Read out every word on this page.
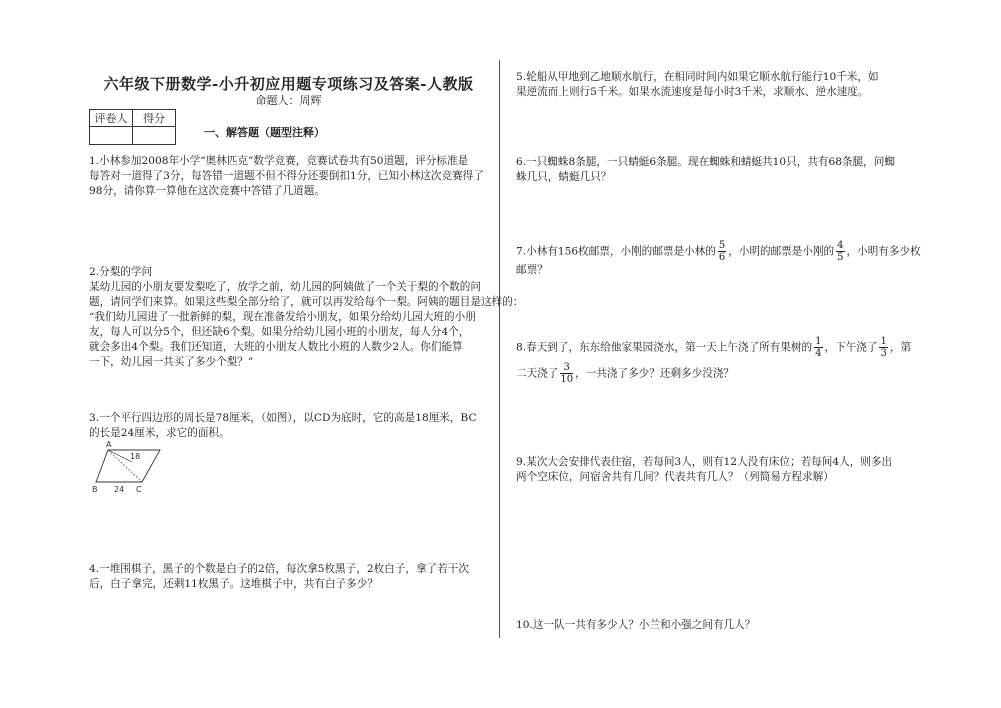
六年级下册数学-小升初应用题专项练习及答案-人教版
命题人：周辉
评卷人	得分

一、解答题（题型注释）
1.小林参加2008年小学“奥林匹克”数学竞赛，竞赛试卷共有50道题，评分标准是
每答对一道得了3分，每答错一道题不但不得分还要倒扣1分，已知小林这次竞赛得了
98分，请你算一算他在这次竞赛中答错了几道题。
2.分梨的学问
某幼儿园的小朋友要发梨吃了，放学之前，幼儿园的阿姨做了一个关于梨的个数的问
题，请同学们来算。如果这些梨全部分给了，就可以再发给每个一梨。阿姨的题目是这样的：
“我们幼儿园进了一批新鲜的梨，现在准备发给小朋友，如果分给幼儿园大班的小朋
友，每人可以分5个，但还缺6个梨。如果分给幼儿园小班的小朋友，每人分4个，
就会多出4个梨。我们还知道，大班的小朋友人数比小班的人数少2人。你们能算
一下，幼儿园一共买了多少个梨？”
3.一个平行四边形的周长是78厘米，（如图），以CD为底时，它的高是18厘米，BC
的长是24厘米，求它的面积。
A
B	C
24
18
4.一堆围棋子，黑子的个数是白子的2倍，每次拿5枚黑子，2枚白子，拿了若干次
后，白子拿完，还剩11枚黑子。这堆棋子中，共有白子多少？
5.轮船从甲地到乙地顺水航行，在相同时间内如果它顺水航行能行10千米，如
果逆流而上则行5千米。如果水流速度是每小时3千米，求顺水、逆水速度。
6.一只蜘蛛8条腿，一只蜻蜓6条腿。现在蜘蛛和蜻蜓共10只，共有68条腿，问蜘
蛛几只，蜻蜓几只？
7.小林有156枚邮票，小刚的邮票是小林的 $\frac{5}{6}$ ，小明的邮票是小刚的 $\frac{4}{5}$ ，小明有多少枚
邮票？
8.春天到了，东东给他家果园浇水，第一天上午浇了所有果树的 $\frac{1}{4}$ ，下午浇了 $\frac{1}{3}$ ，第
二天浇了 $\frac{3}{10}$ ，一共浇了多少？还剩多少没浇？
9.某次大会安排代表住宿，若每间3人，则有12人没有床位；若每间4人，则多出
两个空床位，问宿舍共有几间？代表共有几人？（列简易方程求解）
10.这一队一共有多少人？小兰和小强之间有几人？
